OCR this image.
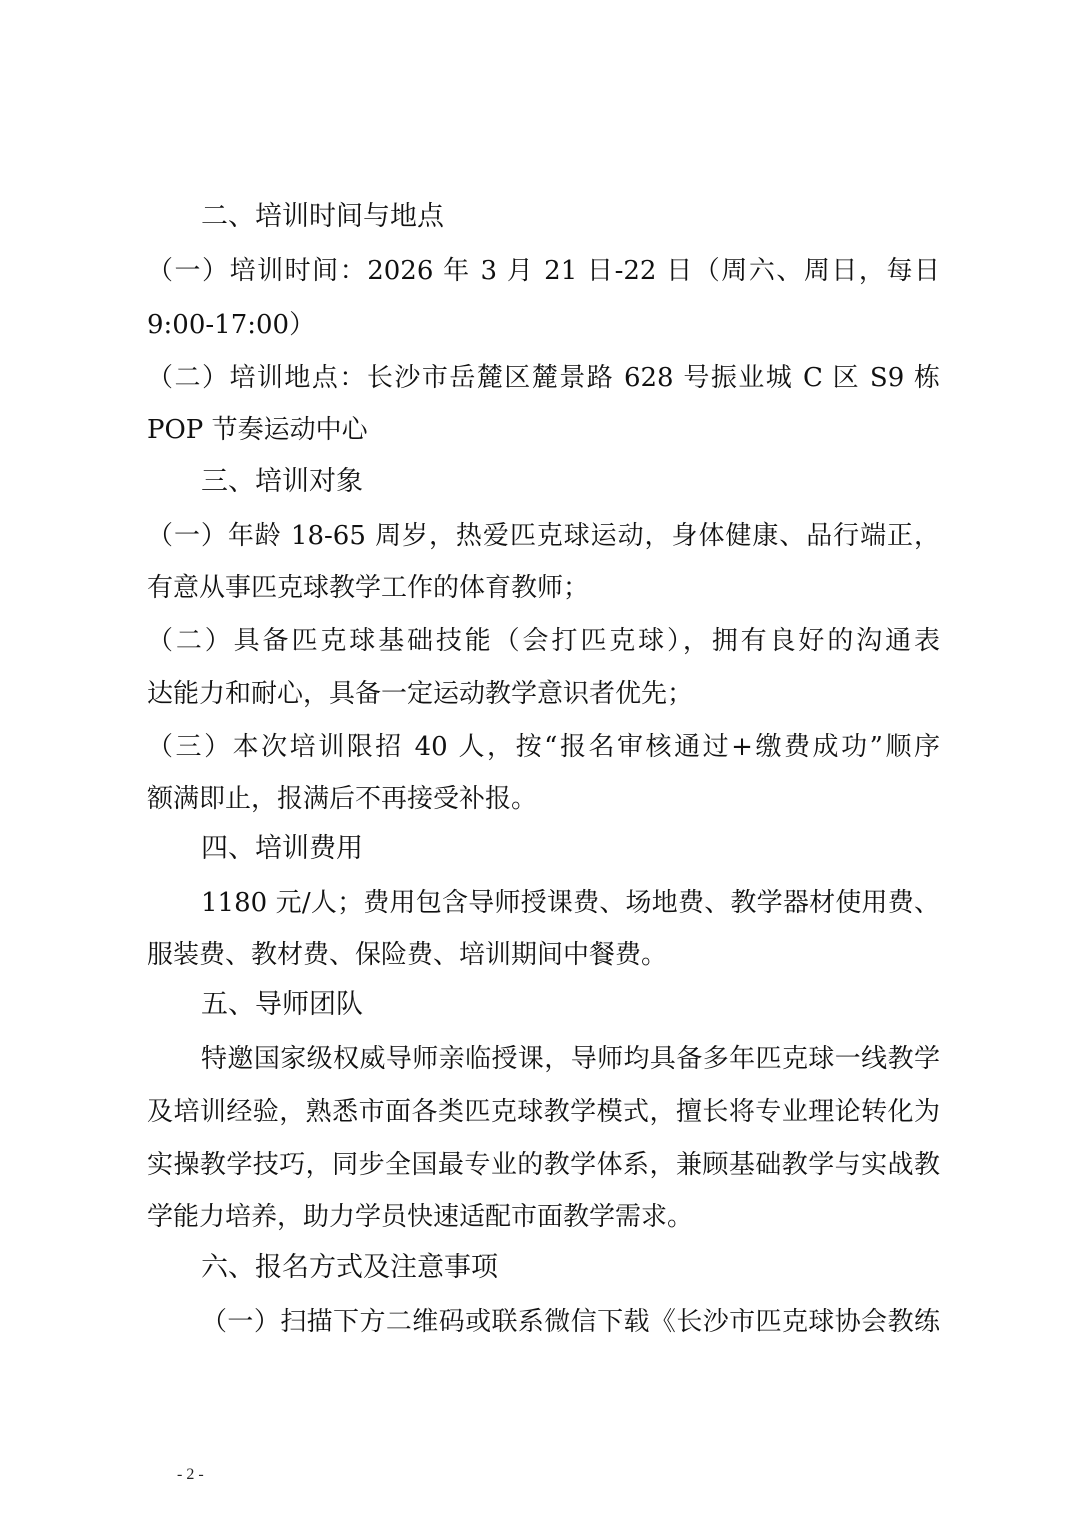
二、培训时间与地点
（一）培训时间：2026 年 3 月 21 日-22 日（周六、周日，每日
9:00-17:00）
（二）培训地点：长沙市岳麓区麓景路 628 号振业城 C 区 S9 栋
POP 节奏运动中心
三、培训对象
（一）年龄 18-65 周岁，热爱匹克球运动，身体健康、品行端正，
有意从事匹克球教学工作的体育教师；
（二）具备匹克球基础技能（会打匹克球），拥有良好的沟通表
达能力和耐心，具备一定运动教学意识者优先；
（三）本次培训限招 40 人，按“报名审核通过+缴费成功”顺序
额满即止，报满后不再接受补报。
四、培训费用
1180 元/人；费用包含导师授课费、场地费、教学器材使用费、
服装费、教材费、保险费、培训期间中餐费。
五、导师团队
特邀国家级权威导师亲临授课，导师均具备多年匹克球一线教学
及培训经验，熟悉市面各类匹克球教学模式，擅长将专业理论转化为
实操教学技巧，同步全国最专业的教学体系，兼顾基础教学与实战教
学能力培养，助力学员快速适配市面教学需求。
六、报名方式及注意事项
（一）扫描下方二维码或联系微信下载《长沙市匹克球协会教练
- 2 -
